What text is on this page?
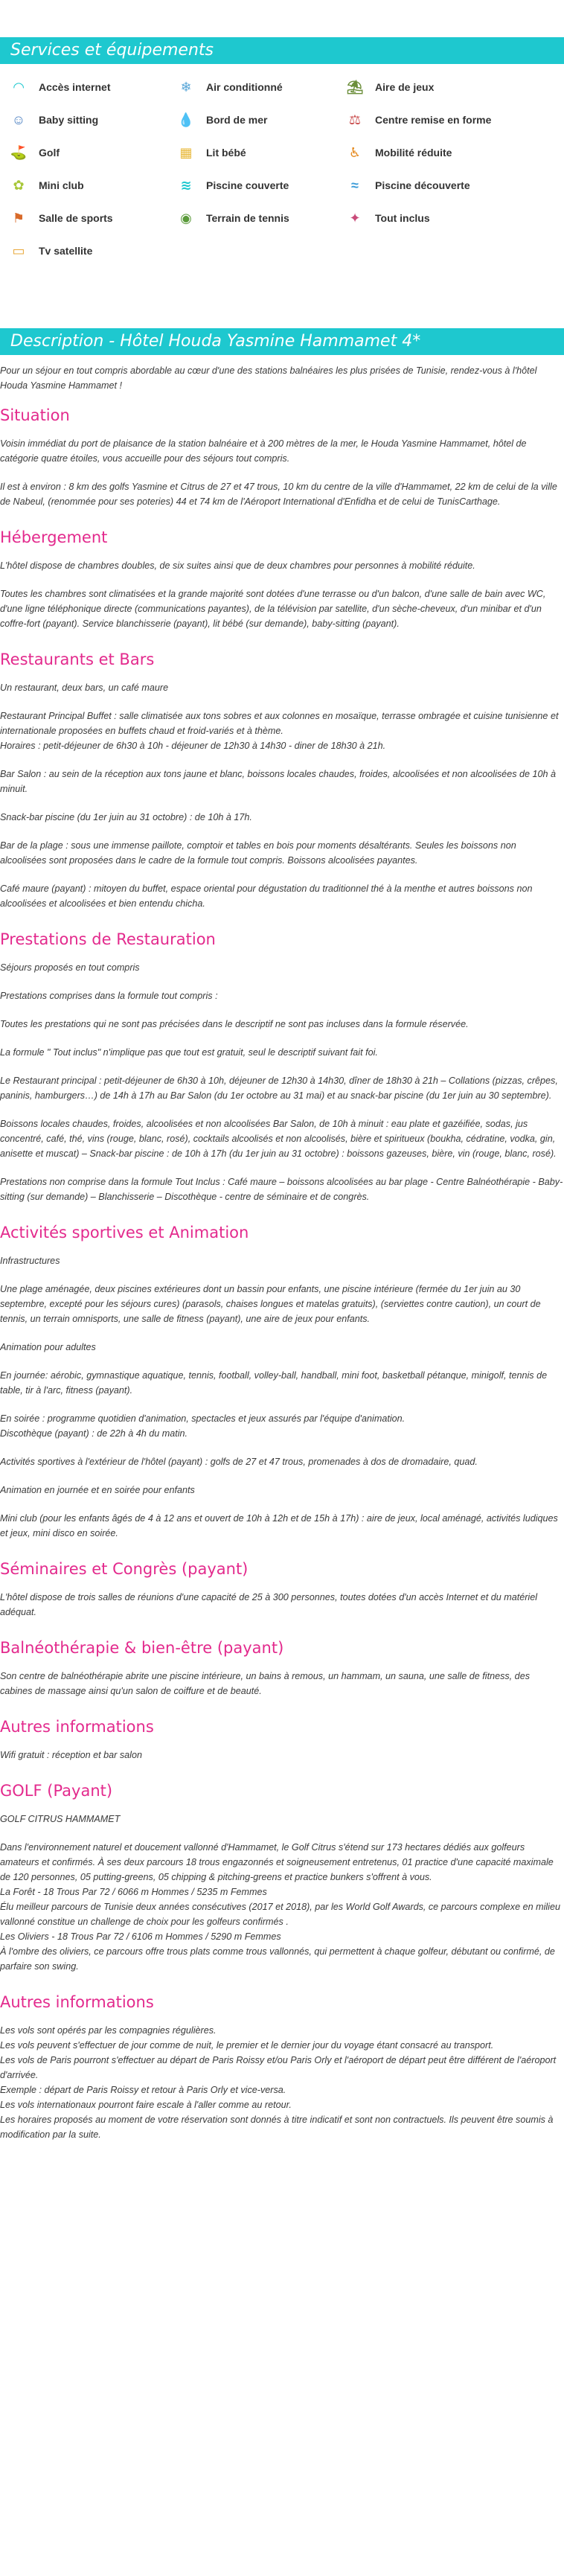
Services et équipements
◠	Accès internet	❄	Air conditionné	⛱ Aire de jeux
☺	Baby sitting	💧 Bord de mer	⚖	Centre remise en forme
⛳ Golf	▦	Lit bébé	♿	Mobilité réduite
✿	Mini club	≋	Piscine couverte	≈	Piscine découverte
⚑	Salle de sports	◉	Terrain de tennis	✦	Tout inclus
▭	Tv satellite
Description - Hôtel Houda Yasmine Hammamet 4*

Pour un séjour en tout compris abordable au cœur d'une des stations balnéaires les plus prisées de Tunisie, rendez-vous à l'hôtel Houda Yasmine Hammamet !

Situation
Voisin immédiat du port de plaisance de la station balnéaire et à 200 mètres de la mer, le Houda Yasmine Hammamet, hôtel de catégorie quatre étoiles, vous accueille pour des séjours tout compris.
Il est à environ : 8 km des golfs Yasmine et Citrus de 27 et 47 trous, 10 km du centre de la ville d'Hammamet, 22 km de celui de la ville de Nabeul, (renommée pour ses poteries) 44 et 74 km de l'Aéroport International d'Enfidha et de celui de TunisCarthage.
Hébergement
L'hôtel dispose de chambres doubles, de six suites ainsi que de deux chambres pour personnes à mobilité réduite.
Toutes les chambres sont climatisées et la grande majorité sont dotées d'une terrasse ou d'un balcon, d'une salle de bain avec WC, d'une ligne téléphonique directe (communications payantes), de la télévision par satellite, d'un sèche-cheveux, d'un minibar et d'un coffre-fort (payant). Service blanchisserie (payant), lit bébé (sur demande), baby-sitting (payant).
Restaurants et Bars
Un restaurant, deux bars, un café maure
Restaurant Principal Buffet : salle climatisée aux tons sobres et aux colonnes en mosaïque, terrasse ombragée et cuisine tunisienne et internationale proposées en buffets chaud et froid-variés et à thème.
Horaires : petit-déjeuner de 6h30 à 10h - déjeuner de 12h30 à 14h30 - diner de 18h30 à 21h.
Bar Salon : au sein de la réception aux tons jaune et blanc, boissons locales chaudes, froides, alcoolisées et non alcoolisées de 10h à minuit.
Snack-bar piscine (du 1er juin au 31 octobre) : de 10h à 17h.
Bar de la plage : sous une immense paillote, comptoir et tables en bois pour moments désaltérants. Seules les boissons non alcoolisées sont proposées dans le cadre de la formule tout compris. Boissons alcoolisées payantes.
Café maure (payant) : mitoyen du buffet, espace oriental pour dégustation du traditionnel thé à la menthe et autres boissons non alcoolisées et alcoolisées et bien entendu chicha.
Prestations de Restauration
Séjours proposés en tout compris
Prestations comprises dans la formule tout compris :
Toutes les prestations qui ne sont pas précisées dans le descriptif ne sont pas incluses dans la formule réservée.
La formule " Tout inclus" n'implique pas que tout est gratuit, seul le descriptif suivant fait foi.
Le Restaurant principal : petit-déjeuner de 6h30 à 10h, déjeuner de 12h30 à 14h30, dîner de 18h30 à 21h – Collations (pizzas, crêpes, paninis, hamburgers…) de 14h à 17h au Bar Salon (du 1er octobre au 31 mai) et au snack-bar piscine (du 1er juin au 30 septembre).
Boissons locales chaudes, froides, alcoolisées et non alcoolisées Bar Salon, de 10h à minuit : eau plate et gazéifiée, sodas, jus concentré, café, thé, vins (rouge, blanc, rosé), cocktails alcoolisés et non alcoolisés, bière et spiritueux (boukha, cédratine, vodka, gin, anisette et muscat) – Snack-bar piscine : de 10h à 17h (du 1er juin au 31 octobre) : boissons gazeuses, bière, vin (rouge, blanc, rosé).
Prestations non comprise dans la formule Tout Inclus : Café maure – boissons alcoolisées au bar plage - Centre Balnéothérapie - Baby-sitting (sur demande) – Blanchisserie – Discothèque - centre de séminaire et de congrès.
Activités sportives et Animation
Infrastructures
Une plage aménagée, deux piscines extérieures dont un bassin pour enfants, une piscine intérieure (fermée du 1er juin au 30 septembre, excepté pour les séjours cures) (parasols, chaises longues et matelas gratuits), (serviettes contre caution), un court de tennis, un terrain omnisports, une salle de fitness (payant), une aire de jeux pour enfants.
Animation pour adultes
En journée: aérobic, gymnastique aquatique, tennis, football, volley-ball, handball, mini foot, basketball pétanque, minigolf, tennis de table, tir à l'arc, fitness (payant).
En soirée : programme quotidien d'animation, spectacles et jeux assurés par l'équipe d'animation.
Discothèque (payant) : de 22h à 4h du matin.
Activités sportives à l'extérieur de l'hôtel (payant) : golfs de 27 et 47 trous, promenades à dos de dromadaire, quad.
Animation en journée et en soirée pour enfants
Mini club (pour les enfants âgés de 4 à 12 ans et ouvert de 10h à 12h et de 15h à 17h) : aire de jeux, local aménagé, activités ludiques et jeux, mini disco en soirée.
Séminaires et Congrès (payant)
L'hôtel dispose de trois salles de réunions d'une capacité de 25 à 300 personnes, toutes dotées d'un accès Internet et du matériel adéquat.
Balnéothérapie & bien-être (payant)
Son centre de balnéothérapie abrite une piscine intérieure, un bains à remous, un hammam, un sauna, une salle de fitness, des cabines de massage ainsi qu'un salon de coiffure et de beauté.
Autres informations
Wifi gratuit : réception et bar salon
GOLF (Payant)
GOLF CITRUS HAMMAMET
Dans l'environnement naturel et doucement vallonné d'Hammamet, le Golf Citrus s'étend sur 173 hectares dédiés aux golfeurs amateurs et confirmés. À ses deux parcours 18 trous engazonnés et soigneusement entretenus, 01 practice d'une capacité maximale de 120 personnes, 05 putting-greens, 05 chipping & pitching-greens et practice bunkers s'offrent à vous.
La Forêt - 18 Trous Par 72 / 6066 m Hommes / 5235 m Femmes
Élu meilleur parcours de Tunisie deux années consécutives (2017 et 2018), par les World Golf Awards, ce parcours complexe en milieu vallonné constitue un challenge de choix pour les golfeurs confirmés .
Les Oliviers - 18 Trous Par 72 / 6106 m Hommes / 5290 m Femmes
À l'ombre des oliviers, ce parcours offre trous plats comme trous vallonnés, qui permettent à chaque golfeur, débutant ou confirmé, de parfaire son swing.
Autres informations
Les vols sont opérés par les compagnies régulières.
Les vols peuvent s'effectuer de jour comme de nuit, le premier et le dernier jour du voyage étant consacré au transport.
Les vols de Paris pourront s'effectuer au départ de Paris Roissy et/ou Paris Orly et l'aéroport de départ peut être différent de l'aéroport d'arrivée.
Exemple : départ de Paris Roissy et retour à Paris Orly et vice-versa.
Les vols internationaux pourront faire escale à l'aller comme au retour.
Les horaires proposés au moment de votre réservation sont donnés à titre indicatif et sont non contractuels. Ils peuvent être soumis à modification par la suite.
